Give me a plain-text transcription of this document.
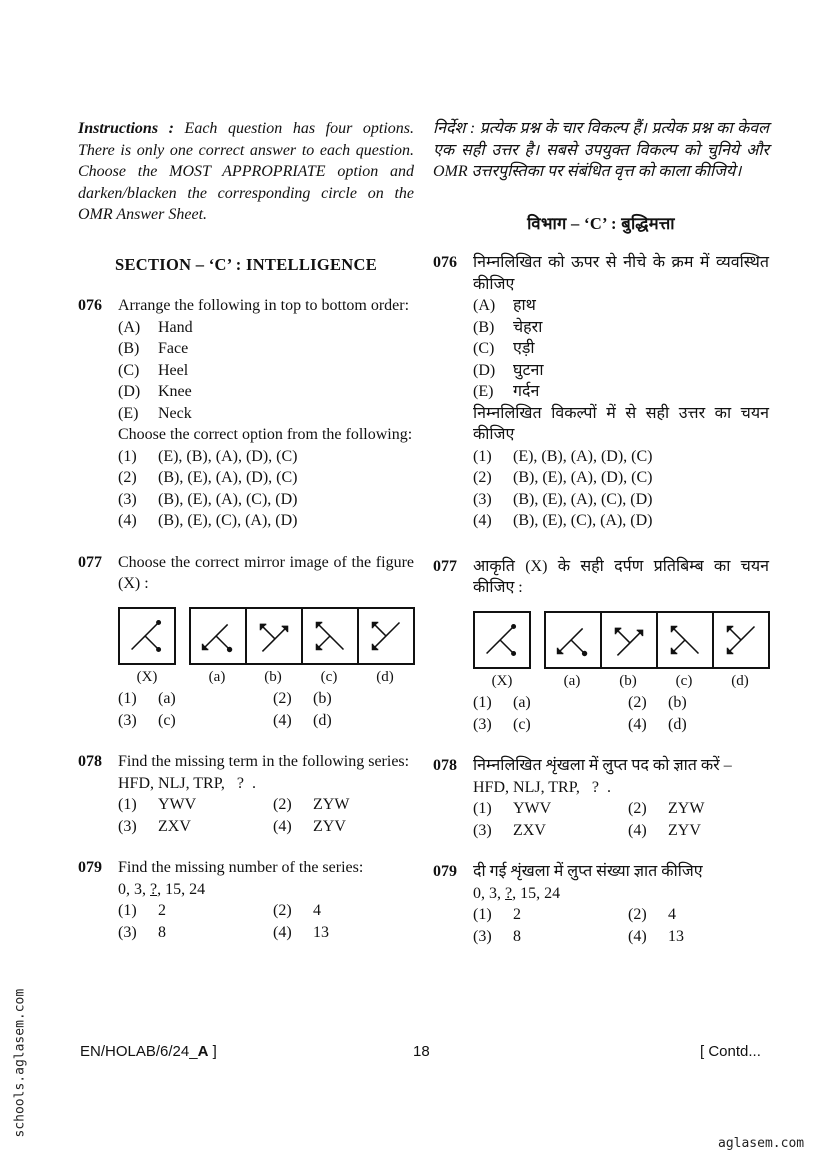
Instructions : Each question has four options. There is only one correct answer to each question. Choose the MOST APPROPRIATE option and darken/blacken the corresponding circle on the OMR Answer Sheet.
SECTION – ‘C’ : INTELLIGENCE
076	Arrange the following in top to bottom order:
(A)	Hand
(B)	Face
(C)	Heel
(D)	Knee
(E)	Neck
Choose the correct option from the following:
(1)	(E), (B), (A), (D), (C)
(2)	(B), (E), (A), (D), (C)
(3)	(B), (E), (A), (C), (D)
(4)	(B), (E), (C), (A), (D)
077	Choose the correct mirror image of the figure (X) :
(X)	(a)	(b)	(c)	(d)
(1)	(a)	(2)	(b)
(3)	(c)	(4)	(d)
078	Find the missing term in the following series:
HFD, NLJ, TRP,   ?  .
(1)	YWV	(2)	ZYW
(3)	ZXV	(4)	ZYV
079	Find the missing number of the series:
0, 3, ?, 15, 24
(1)	2	(2)	4
(3)	8	(4)	13
निर्देश : प्रत्येक प्रश्न के चार विकल्प हैं। प्रत्येक प्रश्न का केवल एक सही उत्तर है। सबसे उपयुक्त विकल्प को चुनिये और OMR उत्तरपुस्तिका पर संबंधित वृत्त को काला कीजिये।
विभाग – ‘C’ : बुद्धिमत्ता
076	निम्नलिखित को ऊपर से नीचे के क्रम में व्यवस्थित कीजिए
(A)	हाथ
(B)	चेहरा
(C)	एड़ी
(D)	घुटना
(E)	गर्दन
निम्नलिखित विकल्पों में से सही उत्तर का चयन कीजिए
(1)	(E), (B), (A), (D), (C)
(2)	(B), (E), (A), (D), (C)
(3)	(B), (E), (A), (C), (D)
(4)	(B), (E), (C), (A), (D)
077	आकृति (X) के सही दर्पण प्रतिबिम्ब का चयन कीजिए :
(X)	(a)	(b)	(c)	(d)
(1)	(a)	(2)	(b)
(3)	(c)	(4)	(d)
078	निम्नलिखित शृंखला में लुप्त पद को ज्ञात करें –
HFD, NLJ, TRP,   ?  .
(1)	YWV	(2)	ZYW
(3)	ZXV	(4)	ZYV
079	दी गई शृंखला में लुप्त संख्या ज्ञात कीजिए
0, 3, ?, 15, 24
(1)	2	(2)	4
(3)	8	(4)	13
EN/HOLAB/6/24_A ]	18	[ Contd...
schools.aglasem.com
aglasem.com
